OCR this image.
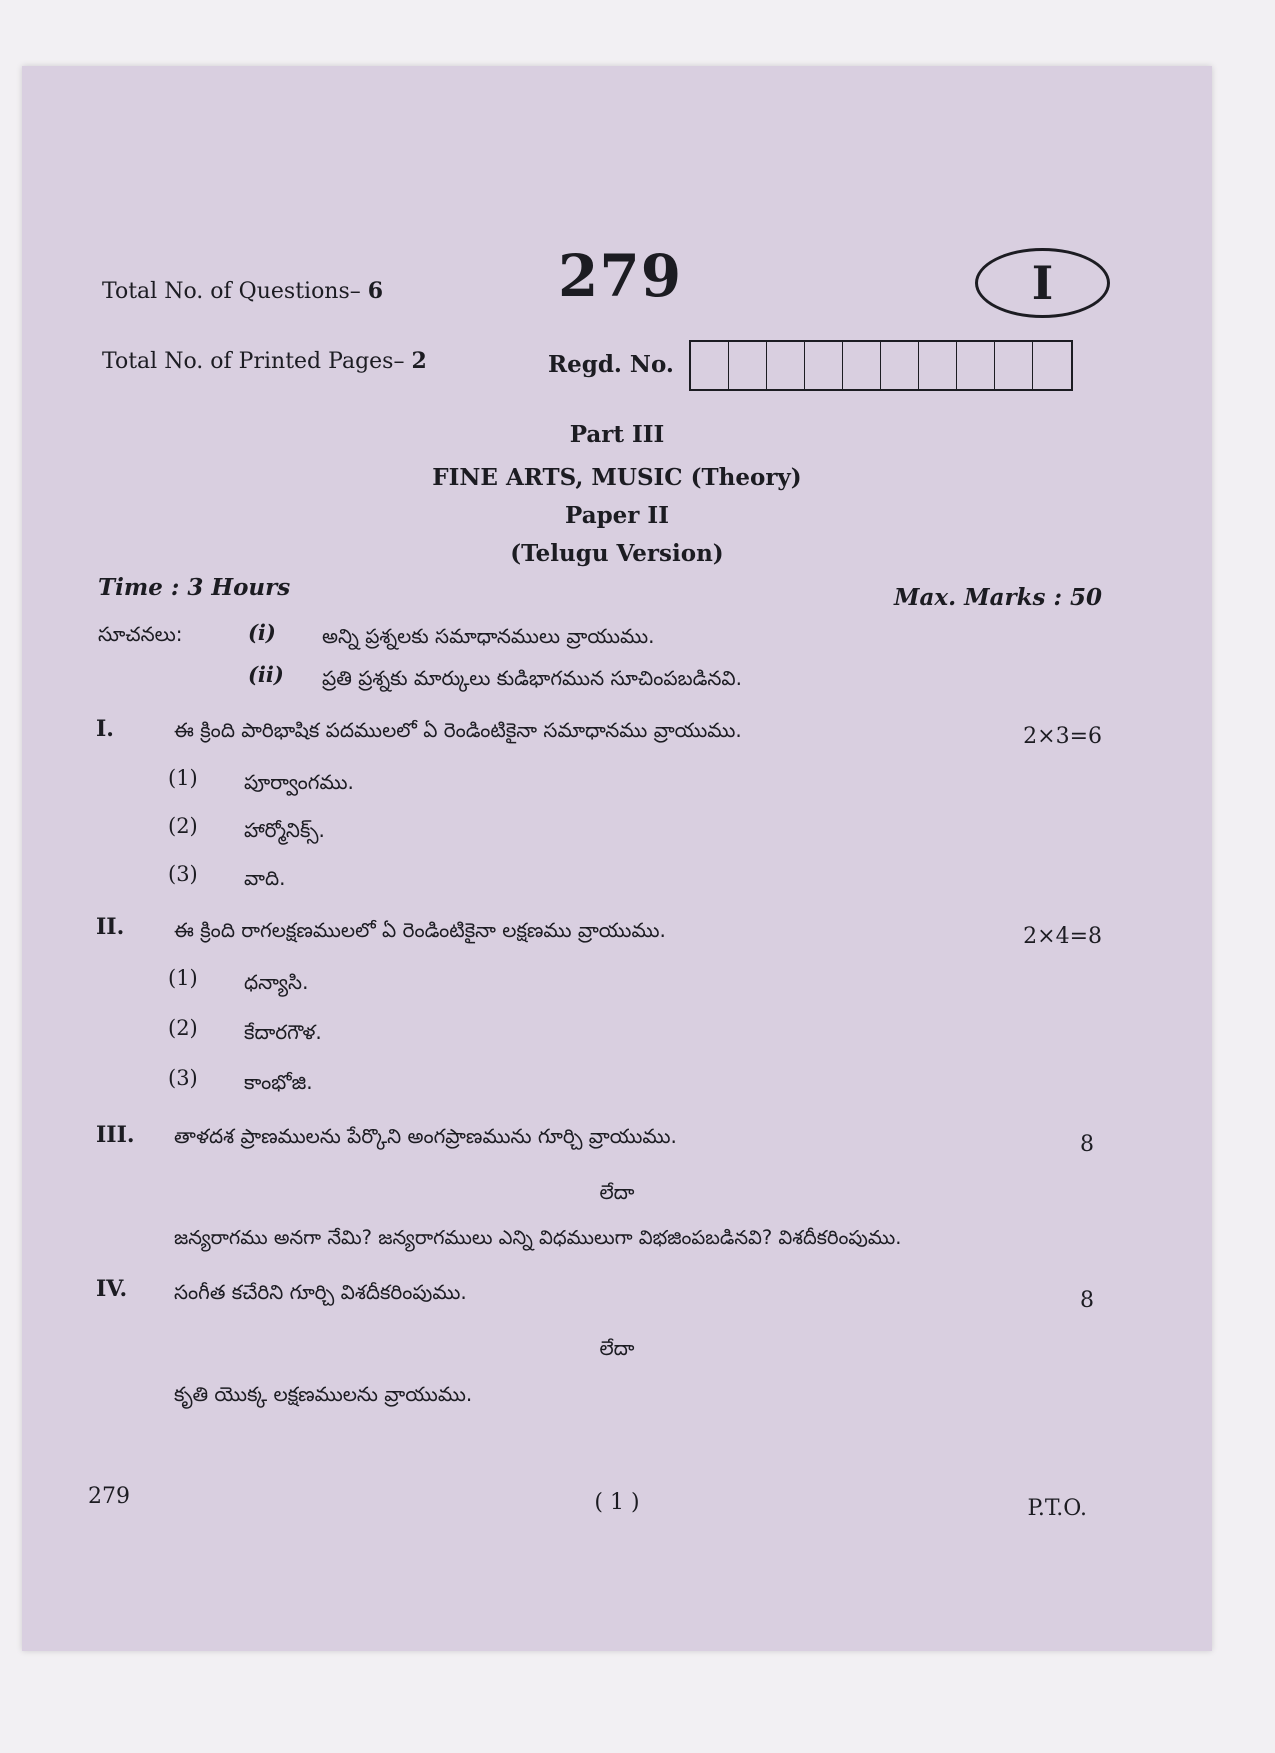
279	I
Total No. of Questions– 6
Total No. of Printed Pages– 2	Regd. No.
Part III
FINE ARTS, MUSIC (Theory)
Paper II
(Telugu Version)
Time : 3 Hours	Max. Marks : 50
సూచనలు:	(i) అన్ని ప్రశ్నలకు సమాధానములు వ్రాయుము.
(ii) ప్రతి ప్రశ్నకు మార్కులు కుడిభాగమున సూచింపబడినవి.
I.	ఈ క్రింది పారిభాషిక పదములలో ఏ రెండింటికైనా సమాధానము వ్రాయుము.	2×3=6
(1) పూర్వాంగము.
(2) హార్మోనిక్స్.
(3) వాది.
II. ఈ క్రింది రాగలక్షణములలో ఏ రెండింటికైనా లక్షణము వ్రాయుము.	2×4=8
(1) ధన్యాసి.
(2) కేదారగౌళ.
(3) కాంభోజి.
III. తాళదశ ప్రాణములను పేర్కొని అంగప్రాణమును గూర్చి వ్రాయుము.	8
లేదా
జన్యరాగము అనగా నేమి? జన్యరాగములు ఎన్ని విధములుగా విభజింపబడినవి? విశదీకరింపుము.
IV. సంగీత కచేరిని గూర్చి విశదీకరింపుము.	8
లేదా
కృతి యొక్క లక్షణములను వ్రాయుము.
279	( 1 )	P.T.O.
